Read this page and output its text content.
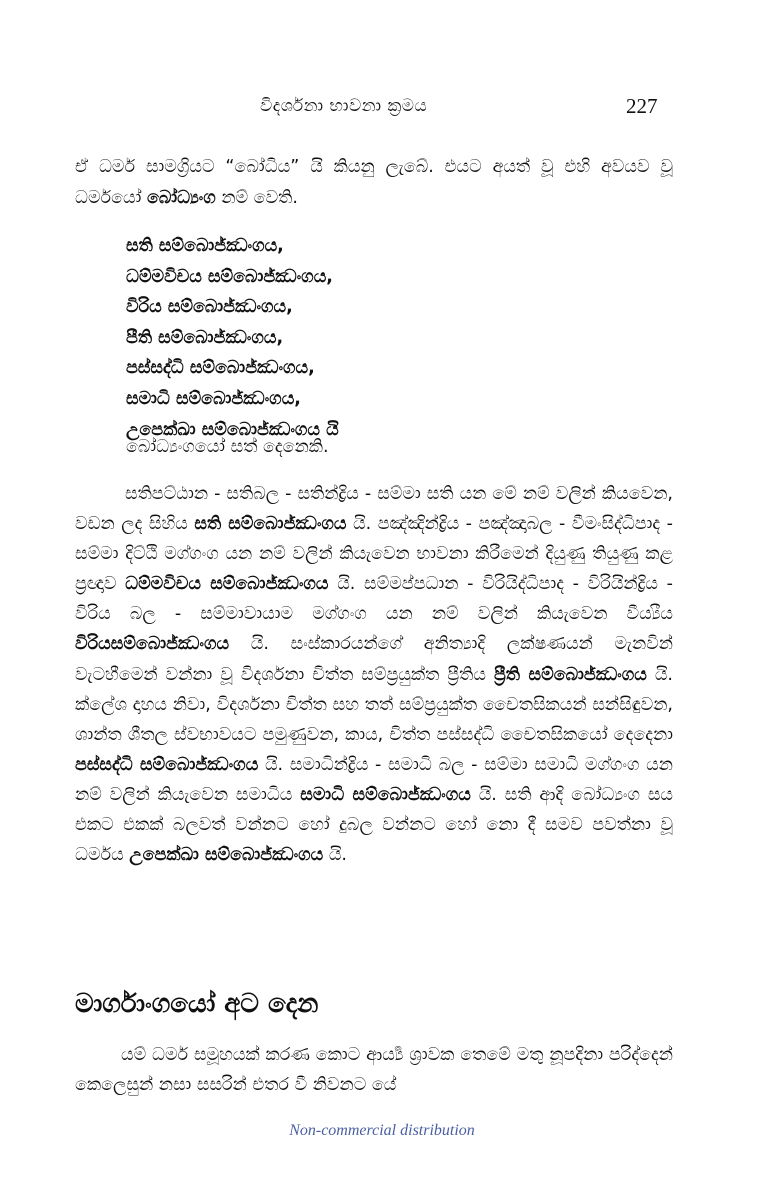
විදර්ශනා භාවනා ක්‍රමය	227

ඒ ධර්ම සාමග්‍රියට “බෝධිය” යි කියනු ලැබේ. එයට අයත් වූ එහි අවයව වූ ධර්මයෝ බෝධ්‍යංග නම් වෙති.

සති සම්බොජ්ඣංගය,
ධම්මවිචය සම්බොජ්ඣංගය,
විරිය සම්බොජ්ඣංගය,
පීති සම්බොජ්ඣංගය,
පස්සද්ධි සම්බොජ්ඣංගය,
සමාධි සම්බොජ්ඣංගය,
උපෙක්ඛා සම්බොජ්ඣංගය යි
බෝධ්‍යංගයෝ සත් දෙනෙකි.

සතිපට්ඨාන - සතිබල - සතින්ද්‍රිය - සම්මා සති යන මේ නම් වලින් කියවෙන, වඩන ලද සිහිය සති සම්බොජ්ඣංගය යි. පඤ්ඤින්ද්‍රිය - පඤ්ඤාබල - වීමංසිද්ධිපාද - සම්මා දිට්ඨි මග්ගංග යන නම් වලින් කියැවෙන භාවනා කිරීමෙන් දියුණු තියුණු කළ ප්‍රඥාව ධම්මවිචය සම්බොජ්ඣංගය යි. සම්මප්පධාන - විරියිද්ධිපාද - විරියින්ද්‍රිය - විරිය බල - සම්මාවායාම මග්ගංග යන නම් වලින් කියැවෙන වීය්‍යීය විරියසම්බොජ්ඣංගය යි. සංස්කාරයන්ගේ අනිත්‍යාදි ලක්ෂණයන් මැනවින් වැටහීමෙන් වන්නා වූ විදර්ශනා චිත්ත සම්ප්‍රයුක්ත ප්‍රීතිය ප්‍රීති සම්බොජ්ඣංගය යි. ක්ලේශ දාහය නිවා, විදර්ශනා චිත්ත සහ තත් සම්ප්‍රයුක්ත චෛතසිකයන් සන්සිඳුවන, ශාන්ත ශීතල ස්වභාවයට පමුණුවන, කාය, චිත්ත පස්සද්ධි චෛතසිකයෝ දෙදෙනා පස්සද්ධි සම්බොජ්ඣංගය යි. සමාධින්ද්‍රිය - සමාධි බල - සම්මා සමාධි මග්ගංග යන නම් වලින් කියැවෙන සමාධිය සමාධි සම්බොජ්ඣංගය යි. සති ආදි බෝධ්‍යංග සය එකට එකක් බලවත් වන්නට හෝ දුබල වන්නට හෝ නො දී සමව පවත්නා වූ ධර්මය උපෙක්ඛා සම්බොජ්ඣංගය යි.

මාර්ගාංගයෝ අට දෙන

යම් ධර්ම සමූහයක් කරණ කොට ආර්‍ය්‍ය ශ්‍රාවක තෙමේ මතු නූපදිනා පරිද්දෙන් කෙලෙසුන් නසා සසරින් එතර වී නිවනට යේ

Non-commercial distribution
